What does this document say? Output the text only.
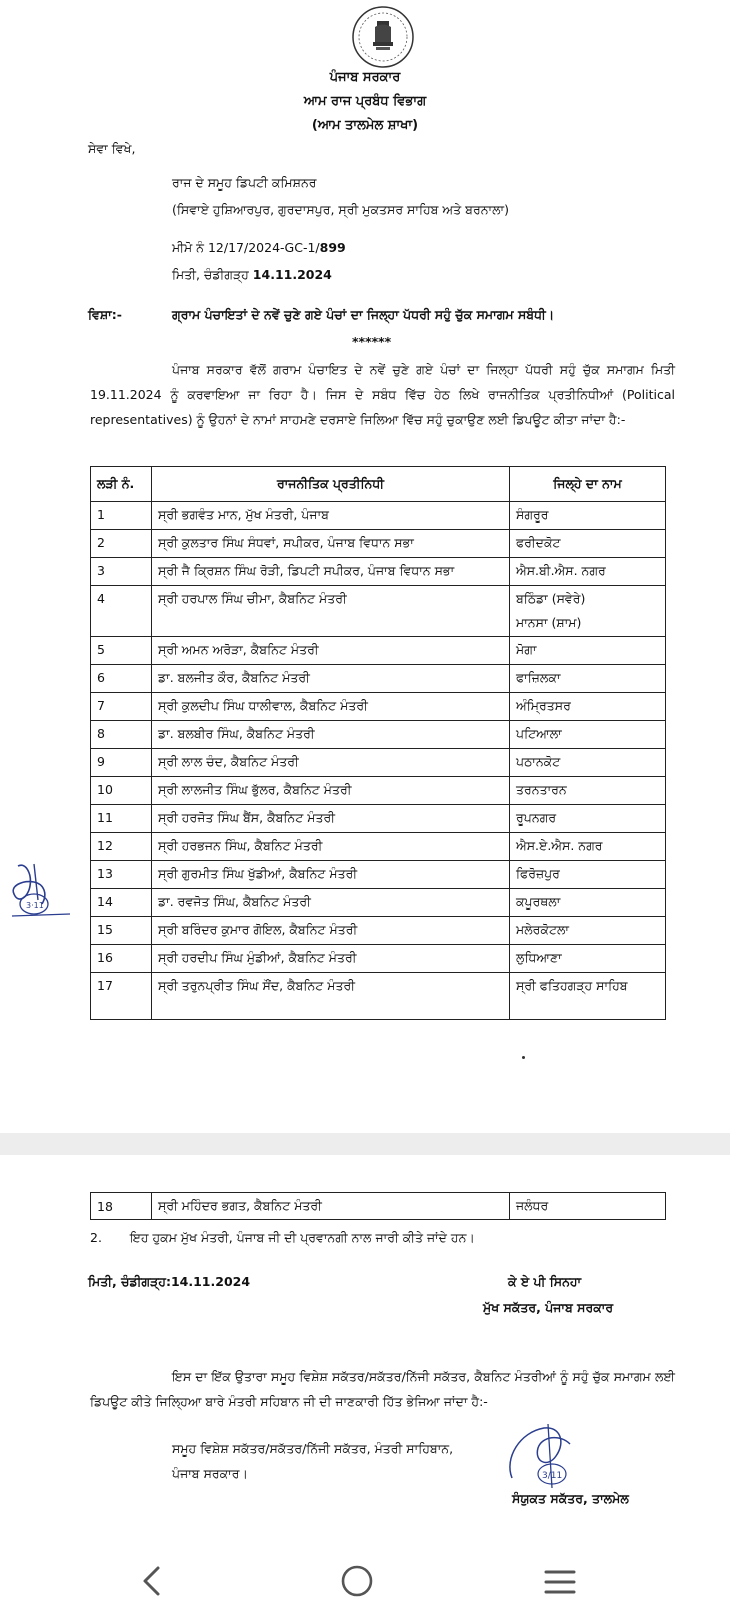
ਪੰਜਾਬ ਸਰਕਾਰ
ਆਮ ਰਾਜ ਪ੍ਰਬੰਧ ਵਿਭਾਗ
(ਆਮ ਤਾਲਮੇਲ ਸ਼ਾਖਾ)
ਸੇਵਾ ਵਿਖੇ,
ਰਾਜ ਦੇ ਸਮੂਹ ਡਿਪਟੀ ਕਮਿਸ਼ਨਰ
(ਸਿਵਾਏ ਹੁਸ਼ਿਆਰਪੁਰ, ਗੁਰਦਾਸਪੁਰ, ਸ੍ਰੀ ਮੁਕਤਸਰ ਸਾਹਿਬ ਅਤੇ ਬਰਨਾਲਾ)
ਮੀਮੋ ਨੰ 12/17/2024-GC-1/899
ਮਿਤੀ, ਚੰਡੀਗੜ੍ਹ 14.11.2024
ਵਿਸ਼ਾ:-	ਗ੍ਰਾਮ ਪੰਚਾਇਤਾਂ ਦੇ ਨਵੇਂ ਚੁਣੇ ਗਏ ਪੰਚਾਂ ਦਾ ਜਿਲ੍ਹਾ ਪੱਧਰੀ ਸਹੁੰ ਚੁੱਕ ਸਮਾਗਮ ਸਬੰਧੀ।
******
ਪੰਜਾਬ ਸਰਕਾਰ ਵੱਲੋਂ ਗਰਾਮ ਪੰਚਾਇਤ ਦੇ ਨਵੇਂ ਚੁਣੇ ਗਏ ਪੰਚਾਂ ਦਾ ਜਿਲ੍ਹਾ ਪੱਧਰੀ ਸਹੁੰ ਚੁੱਕ ਸਮਾਗਮ ਮਿਤੀ 19.11.2024 ਨੂੰ ਕਰਵਾਇਆ ਜਾ ਰਿਹਾ ਹੈ। ਜਿਸ ਦੇ ਸਬੰਧ ਵਿੱਚ ਹੇਠ ਲਿਖੇ ਰਾਜਨੀਤਿਕ ਪ੍ਰਤੀਨਿਧੀਆਂ (Political representatives) ਨੂੰ ਉਹਨਾਂ ਦੇ ਨਾਮਾਂ ਸਾਹਮਣੇ ਦਰਸਾਏ ਜਿਲਿਆ ਵਿੱਚ ਸਹੁੰ ਚੁਕਾਉਣ ਲਈ ਡਿਪਊਟ ਕੀਤਾ ਜਾਂਦਾ ਹੈ:-
ਲੜੀ ਨੰ.	ਰਾਜਨੀਤਿਕ ਪ੍ਰਤੀਨਿਧੀ	ਜਿਲ੍ਹੇ ਦਾ ਨਾਮ
1	ਸ੍ਰੀ ਭਗਵੰਤ ਮਾਨ, ਮੁੱਖ ਮੰਤਰੀ, ਪੰਜਾਬ	ਸੰਗਰੂਰ
2	ਸ੍ਰੀ ਕੁਲਤਾਰ ਸਿੰਘ ਸੰਧਵਾਂ, ਸਪੀਕਰ, ਪੰਜਾਬ ਵਿਧਾਨ ਸਭਾ	ਫਰੀਦਕੋਟ
3	ਸ੍ਰੀ ਜੈ ਕ੍ਰਿਸ਼ਨ ਸਿੰਘ ਰੋੜੀ, ਡਿਪਟੀ ਸਪੀਕਰ, ਪੰਜਾਬ ਵਿਧਾਨ ਸਭਾ	ਐਸ.ਬੀ.ਐਸ. ਨਗਰ
4	ਸ੍ਰੀ ਹਰਪਾਲ ਸਿੰਘ ਚੀਮਾ, ਕੈਬਨਿਟ ਮੰਤਰੀ	ਬਠਿੰਡਾ (ਸਵੇਰੇ)
ਮਾਨਸਾ (ਸ਼ਾਮ)

5	ਸ੍ਰੀ ਅਮਨ ਅਰੋੜਾ, ਕੈਬਨਿਟ ਮੰਤਰੀ	ਮੋਗਾ
6	ਡਾ. ਬਲਜੀਤ ਕੌਰ, ਕੈਬਨਿਟ ਮੰਤਰੀ	ਫਾਜ਼ਿਲਕਾ
7	ਸ੍ਰੀ ਕੁਲਦੀਪ ਸਿੰਘ ਧਾਲੀਵਾਲ, ਕੈਬਨਿਟ ਮੰਤਰੀ	ਅੰਮ੍ਰਿਤਸਰ
8	ਡਾ. ਬਲਬੀਰ ਸਿੰਘ, ਕੈਬਨਿਟ ਮੰਤਰੀ	ਪਟਿਆਲਾ
9	ਸ੍ਰੀ ਲਾਲ ਚੰਦ, ਕੈਬਨਿਟ ਮੰਤਰੀ	ਪਠਾਨਕੋਟ
10	ਸ੍ਰੀ ਲਾਲਜੀਤ ਸਿੰਘ ਭੁੱਲਰ, ਕੈਬਨਿਟ ਮੰਤਰੀ	ਤਰਨਤਾਰਨ
11	ਸ੍ਰੀ ਹਰਜੋਤ ਸਿੰਘ ਬੈਂਸ, ਕੈਬਨਿਟ ਮੰਤਰੀ	ਰੂਪਨਗਰ
12	ਸ੍ਰੀ ਹਰਭਜਨ ਸਿੰਘ, ਕੈਬਨਿਟ ਮੰਤਰੀ	ਐਸ.ਏ.ਐਸ. ਨਗਰ
13	ਸ੍ਰੀ ਗੁਰਮੀਤ ਸਿੰਘ ਖੁੱਡੀਆਂ, ਕੈਬਨਿਟ ਮੰਤਰੀ	ਫਿਰੋਜ਼ਪੁਰ
14	ਡਾ. ਰਵਜੋਤ ਸਿੰਘ, ਕੈਬਨਿਟ ਮੰਤਰੀ	ਕਪੂਰਥਲਾ
15	ਸ੍ਰੀ ਬਰਿੰਦਰ ਕੁਮਾਰ ਗੋਇਲ, ਕੈਬਨਿਟ ਮੰਤਰੀ	ਮਲੇਰਕੋਟਲਾ
16	ਸ੍ਰੀ ਹਰਦੀਪ ਸਿੰਘ ਮੁੰਡੀਆਂ, ਕੈਬਨਿਟ ਮੰਤਰੀ	ਲੁਧਿਆਣਾ
17	ਸ੍ਰੀ ਤਰੁਨਪ੍ਰੀਤ ਸਿੰਘ ਸੌਂਦ, ਕੈਬਨਿਟ ਮੰਤਰੀ	ਸ੍ਰੀ ਫਤਿਹਗੜ੍ਹ ਸਾਹਿਬ
3·11
18	ਸ੍ਰੀ ਮਹਿੰਦਰ ਭਗਤ, ਕੈਬਨਿਟ ਮੰਤਰੀ	ਜਲੰਧਰ
2. ਇਹ ਹੁਕਮ ਮੁੱਖ ਮੰਤਰੀ, ਪੰਜਾਬ ਜੀ ਦੀ ਪ੍ਰਵਾਨਗੀ ਨਾਲ ਜਾਰੀ ਕੀਤੇ ਜਾਂਦੇ ਹਨ।
ਮਿਤੀ, ਚੰਡੀਗੜ੍ਹ:14.11.2024	ਕੇ ਏ ਪੀ ਸਿਨਹਾ
ਮੁੱਖ ਸਕੱਤਰ, ਪੰਜਾਬ ਸਰਕਾਰ
ਇਸ ਦਾ ਇੱਕ ਉਤਾਰਾ ਸਮੂਹ ਵਿਸ਼ੇਸ਼ ਸਕੱਤਰ/ਸਕੱਤਰ/ਨਿੱਜੀ ਸਕੱਤਰ, ਕੈਬਨਿਟ ਮੰਤਰੀਆਂ ਨੂੰ ਸਹੁੰ ਚੁੱਕ ਸਮਾਗਮ ਲਈ ਡਿਪਊਟ ਕੀਤੇ ਜਿਲ੍ਹਿਆ ਬਾਰੇ ਮੰਤਰੀ ਸਹਿਬਾਨ ਜੀ ਦੀ ਜਾਣਕਾਰੀ ਹਿੱਤ ਭੇਜਿਆ ਜਾਂਦਾ ਹੈ:-
ਸਮੂਹ ਵਿਸ਼ੇਸ਼ ਸਕੱਤਰ/ਸਕੱਤਰ/ਨਿੱਜੀ ਸਕੱਤਰ, ਮੰਤਰੀ ਸਾਹਿਬਾਨ,
ਪੰਜਾਬ ਸਰਕਾਰ।	3/11
ਸੰਯੁਕਤ ਸਕੱਤਰ, ਤਾਲਮੇਲ
